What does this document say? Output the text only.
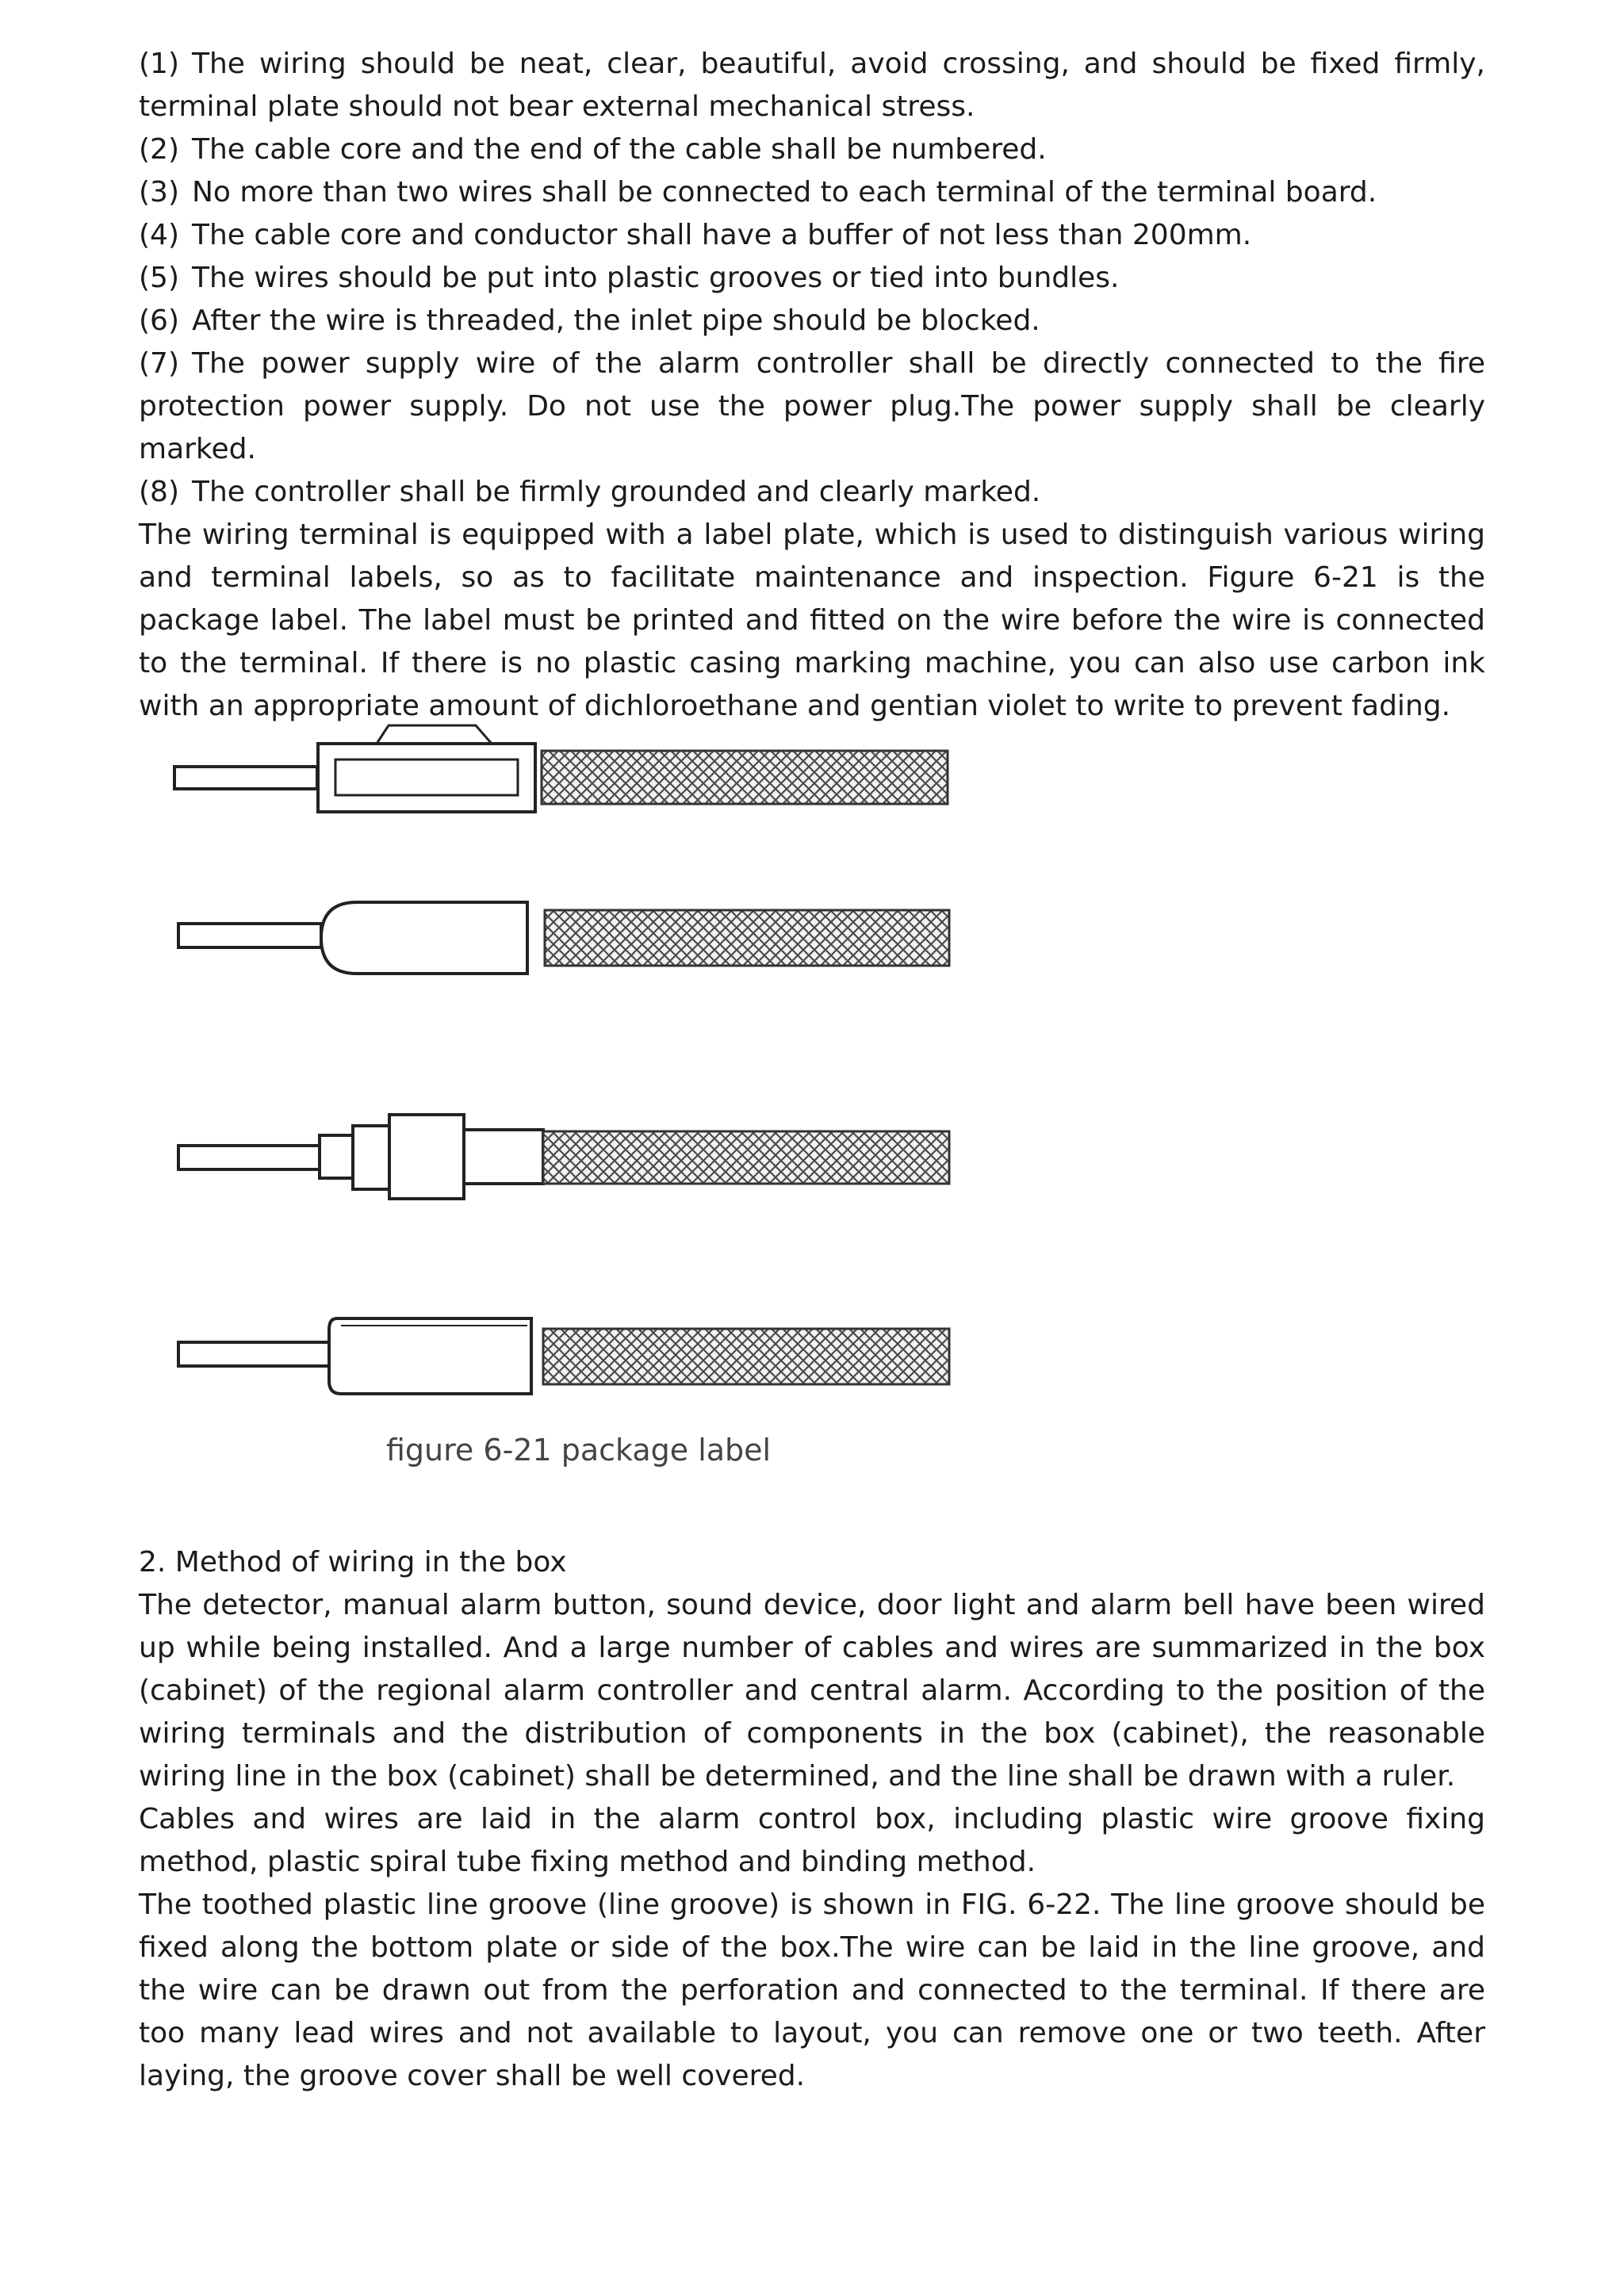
(1) The wiring should be neat, clear, beautiful, avoid crossing, and should be fixed firmly, terminal plate should not bear external mechanical stress.

(2) The cable core and the end of the cable shall be numbered.

(3) No more than two wires shall be connected to each terminal of the terminal board.

(4) The cable core and conductor shall have a buffer of not less than 200mm.

(5) The wires should be put into plastic grooves or tied into bundles.

(6) After the wire is threaded, the inlet pipe should be blocked.

(7) The power supply wire of the alarm controller shall be directly connected to the fire protection power supply. Do not use the power plug.The power supply shall be clearly marked.

(8) The controller shall be firmly grounded and clearly marked.

The wiring terminal is equipped with a label plate, which is used to distinguish various wiring and terminal labels, so as to facilitate maintenance and inspection. Figure 6-21 is the package label. The label must be printed and fitted on the wire before the wire is connected to the terminal. If there is no plastic casing marking machine, you can also use carbon ink with an appropriate amount of dichloroethane and gentian violet to write to prevent fading.

figure 6-21 package label

2. Method of wiring in the box

The detector, manual alarm button, sound device, door light and alarm bell have been wired up while being installed. And a large number of cables and wires are summarized in the box (cabinet) of the regional alarm controller and central alarm. According to the position of the wiring terminals and the distribution of components in the box (cabinet), the reasonable wiring line in the box (cabinet) shall be determined, and the line shall be drawn with a ruler.

Cables and wires are laid in the alarm control box, including plastic wire groove fixing method, plastic spiral tube fixing method and binding method.

The toothed plastic line groove (line groove) is shown in FIG. 6-22. The line groove should be fixed along the bottom plate or side of the box.The wire can be laid in the line groove, and the wire can be drawn out from the perforation and connected to the terminal. If there are too many lead wires and not available to layout, you can remove one or two teeth. After laying, the groove cover shall be well covered.
